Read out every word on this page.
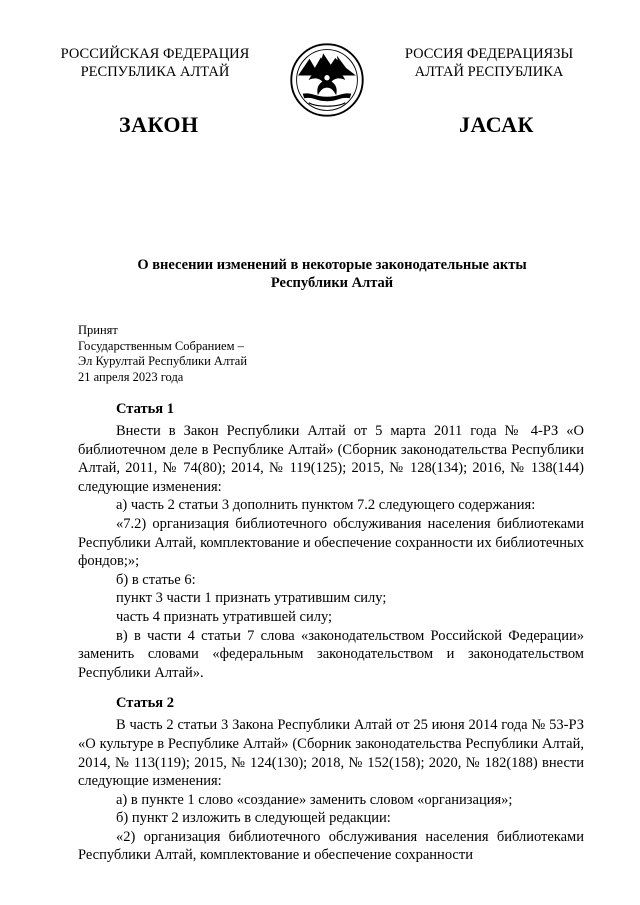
РОССИЙСКАЯ ФЕДЕРАЦИЯ
РЕСПУБЛИКА АЛТАЙ
РОССИЯ ФЕДЕРАЦИЯЗЫ
АЛТАЙ РЕСПУБЛИКА
ЗАКОН	ЈАСАК
О внесении изменений в некоторые законодательные акты
Республики Алтай
Принят
Государственным Собранием –
Эл Курултай Республики Алтай
21 апреля 2023 года
Статья 1

Внести в Закон Республики Алтай от 5 марта 2011 года № 4-РЗ «О библиотечном деле в Республике Алтай» (Сборник законодательства Республики Алтай, 2011, № 74(80); 2014, № 119(125); 2015, № 128(134); 2016, № 138(144) следующие изменения:

а) часть 2 статьи 3 дополнить пунктом 7.2 следующего содержания:

«7.2) организация библиотечного обслуживания населения библиотеками Республики Алтай, комплектование и обеспечение сохранности их библиотечных фондов;»;

б) в статье 6:

пункт 3 части 1 признать утратившим силу;

часть 4 признать утратившей силу;

в) в части 4 статьи 7 слова «законодательством Российской Федерации» заменить словами «федеральным законодательством и законодательством Республики Алтай».

Статья 2

В часть 2 статьи 3 Закона Республики Алтай от 25 июня 2014 года № 53-РЗ «О культуре в Республике Алтай» (Сборник законодательства Республики Алтай, 2014, № 113(119); 2015, № 124(130); 2018, № 152(158); 2020, № 182(188) внести следующие изменения:

а) в пункте 1 слово «создание» заменить словом «организация»;

б) пункт 2 изложить в следующей редакции:

«2) организация библиотечного обслуживания населения библиотеками Республики Алтай, комплектование и обеспечение сохранности
